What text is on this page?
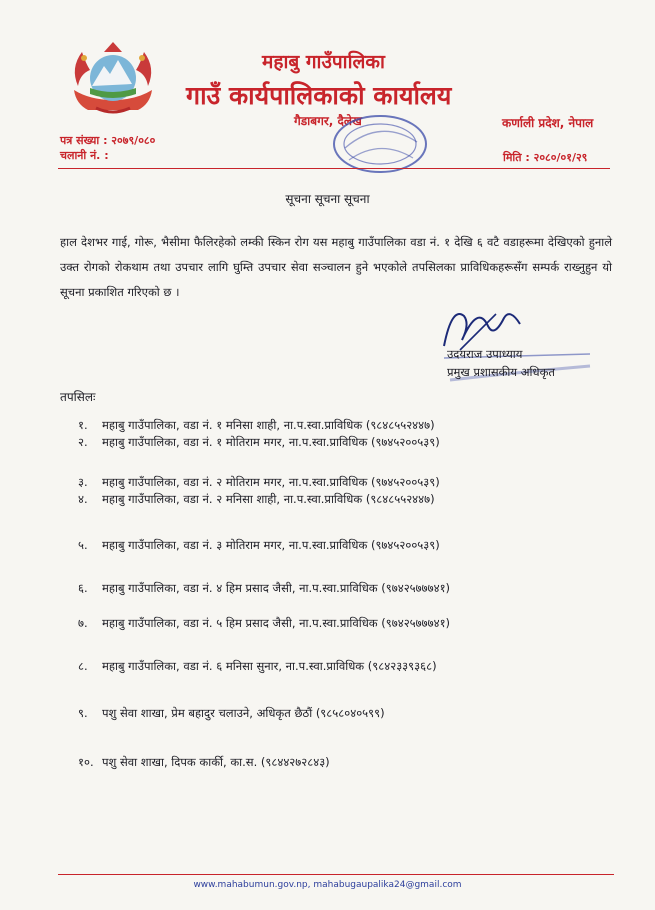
महाबु गाउँपालिका
गाउँ कार्यपालिकाको कार्यालय
गैडाबगर, दैलेख	कर्णाली प्रदेश, नेपाल
पत्र संख्या : २०७९/०८०
चलानी नं. :	मिति : २०८०/०१/२९
सूचना सूचना सूचना
हाल देशभर गाई, गोरू, भैसीमा फैलिरहेको लम्की स्किन रोग यस महाबु गाउँपालिका वडा नं. १ देखि ६ वटै वडाहरूमा देखिएको हुनाले उक्त रोगको रोकथाम तथा उपचार लागि घुम्ति उपचार सेवा सञ्चालन हुने भएकोले तपसिलका प्राविधिकहरूसँग सम्पर्क राख्नुहुन यो सूचना प्रकाशित गरिएको छ ।
उदयराज उपाध्याय
प्रमुख प्रशासकीय अधिकृत
तपसिलः
१. महाबु गाउँपालिका, वडा नं. १ मनिसा शाही, ना.प.स्वा.प्राविधिक (९८४८५५२४४७)
२. महाबु गाउँपालिका, वडा नं. १ मोतिराम मगर, ना.प.स्वा.प्राविधिक (९७४५२००५३९)
३. महाबु गाउँपालिका, वडा नं. २ मोतिराम मगर, ना.प.स्वा.प्राविधिक (९७४५२००५३९)
४. महाबु गाउँपालिका, वडा नं. २ मनिसा शाही, ना.प.स्वा.प्राविधिक (९८४८५५२४४७)
५. महाबु गाउँपालिका, वडा नं. ३ मोतिराम मगर, ना.प.स्वा.प्राविधिक (९७४५२००५३९)
६. महाबु गाउँपालिका, वडा नं. ४ हिम प्रसाद जैसी, ना.प.स्वा.प्राविधिक (९७४२५७७७४१)
७. महाबु गाउँपालिका, वडा नं. ५ हिम प्रसाद जैसी, ना.प.स्वा.प्राविधिक (९७४२५७७७४१)
८. महाबु गाउँपालिका, वडा नं. ६ मनिसा सुनार, ना.प.स्वा.प्राविधिक (९८४२३३९३६८)
९. पशु सेवा शाखा, प्रेम बहादुर चलाउने, अधिकृत छैठौं (९८५८०४०५९९)
१०. पशु सेवा शाखा, दिपक कार्की, का.स. (९८४४२७२८४३)
www.mahabumun.gov.np, mahabugaupalika24@gmail.com
